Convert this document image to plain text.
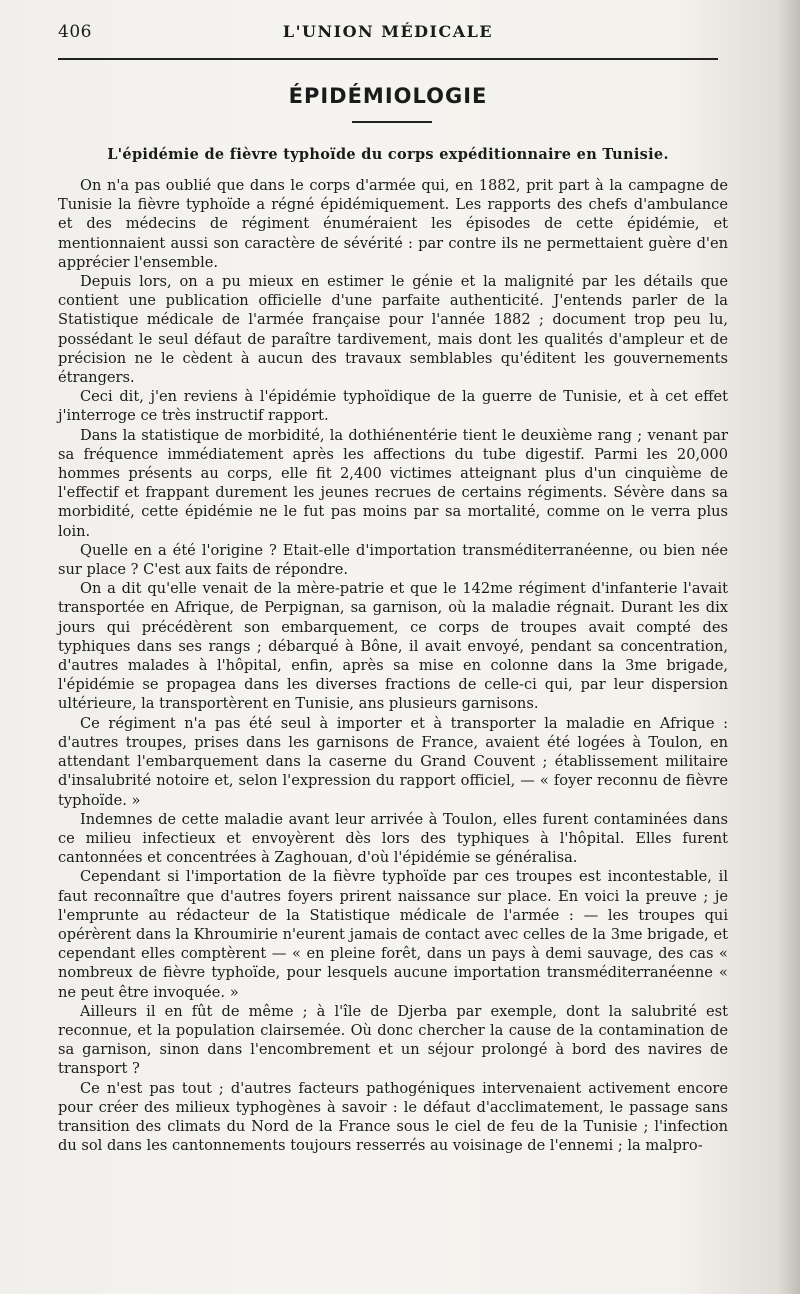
406	L'UNION MÉDICALE
ÉPIDÉMIOLOGIE
L'épidémie de fièvre typhoïde du corps expéditionnaire en Tunisie.

On n'a pas oublié que dans le corps d'armée qui, en 1882, prit part à la campagne de Tunisie la fièvre typhoïde a régné épidémiquement. Les rapports des chefs d'ambulance et des médecins de régiment énuméraient les épisodes de cette épidémie, et mentionnaient aussi son caractère de sévérité : par contre ils ne permettaient guère d'en apprécier l'ensemble.

Depuis lors, on a pu mieux en estimer le génie et la malignité par les détails que contient une publication officielle d'une parfaite authenticité. J'entends parler de la Statistique médicale de l'armée française pour l'année 1882 ; document trop peu lu, possédant le seul défaut de paraître tardivement, mais dont les qualités d'ampleur et de précision ne le cèdent à aucun des travaux semblables qu'éditent les gouvernements étrangers.

Ceci dit, j'en reviens à l'épidémie typhoïdique de la guerre de Tunisie, et à cet effet j'interroge ce très instructif rapport.

Dans la statistique de morbidité, la dothiénentérie tient le deuxième rang ; venant par sa fréquence immédiatement après les affections du tube digestif. Parmi les 20,000 hommes présents au corps, elle fit 2,400 victimes atteignant plus d'un cinquième de l'effectif et frappant durement les jeunes recrues de certains régiments. Sévère dans sa morbidité, cette épidémie ne le fut pas moins par sa mortalité, comme on le verra plus loin.

Quelle en a été l'origine ? Etait-elle d'importation transméditerranéenne, ou bien née sur place ? C'est aux faits de répondre.

On a dit qu'elle venait de la mère-patrie et que le 142me régiment d'infanterie l'avait transportée en Afrique, de Perpignan, sa garnison, où la maladie régnait. Durant les dix jours qui précédèrent son embarquement, ce corps de troupes avait compté des typhiques dans ses rangs ; débarqué à Bône, il avait envoyé, pendant sa concentration, d'autres malades à l'hôpital, enfin, après sa mise en colonne dans la 3me brigade, l'épidémie se propagea dans les diverses fractions de celle-ci qui, par leur dispersion ultérieure, la transportèrent en Tunisie, ans plusieurs garnisons.

Ce régiment n'a pas été seul à importer et à transporter la maladie en Afrique : d'autres troupes, prises dans les garnisons de France, avaient été logées à Toulon, en attendant l'embarquement dans la caserne du Grand Couvent ; établissement militaire d'insalubrité notoire et, selon l'expression du rapport officiel, — « foyer reconnu de fièvre typhoïde. »

Indemnes de cette maladie avant leur arrivée à Toulon, elles furent contaminées dans ce milieu infectieux et envoyèrent dès lors des typhiques à l'hôpital. Elles furent cantonnées et concentrées à Zaghouan, d'où l'épidémie se généralisa.

Cependant si l'importation de la fièvre typhoïde par ces troupes est incontestable, il faut reconnaître que d'autres foyers prirent naissance sur place. En voici la preuve ; je l'emprunte au rédacteur de la Statistique médicale de l'armée : — les troupes qui opérèrent dans la Khroumirie n'eurent jamais de contact avec celles de la 3me brigade, et cependant elles comptèrent — « en pleine forêt, dans un pays à demi sauvage, des cas « nombreux de fièvre typhoïde, pour lesquels aucune importation transméditerranéenne « ne peut être invoquée. »

Ailleurs il en fût de même ; à l'île de Djerba par exemple, dont la salubrité est reconnue, et la population clairsemée. Où donc chercher la cause de la contamination de sa garnison, sinon dans l'encombrement et un séjour prolongé à bord des navires de transport ?

Ce n'est pas tout ; d'autres facteurs pathogéniques intervenaient activement encore pour créer des milieux typhogènes à savoir : le défaut d'acclimatement, le passage sans transition des climats du Nord de la France sous le ciel de feu de la Tunisie ; l'infection du sol dans les cantonnements toujours resserrés au voisinage de l'ennemi ; la malpro-
